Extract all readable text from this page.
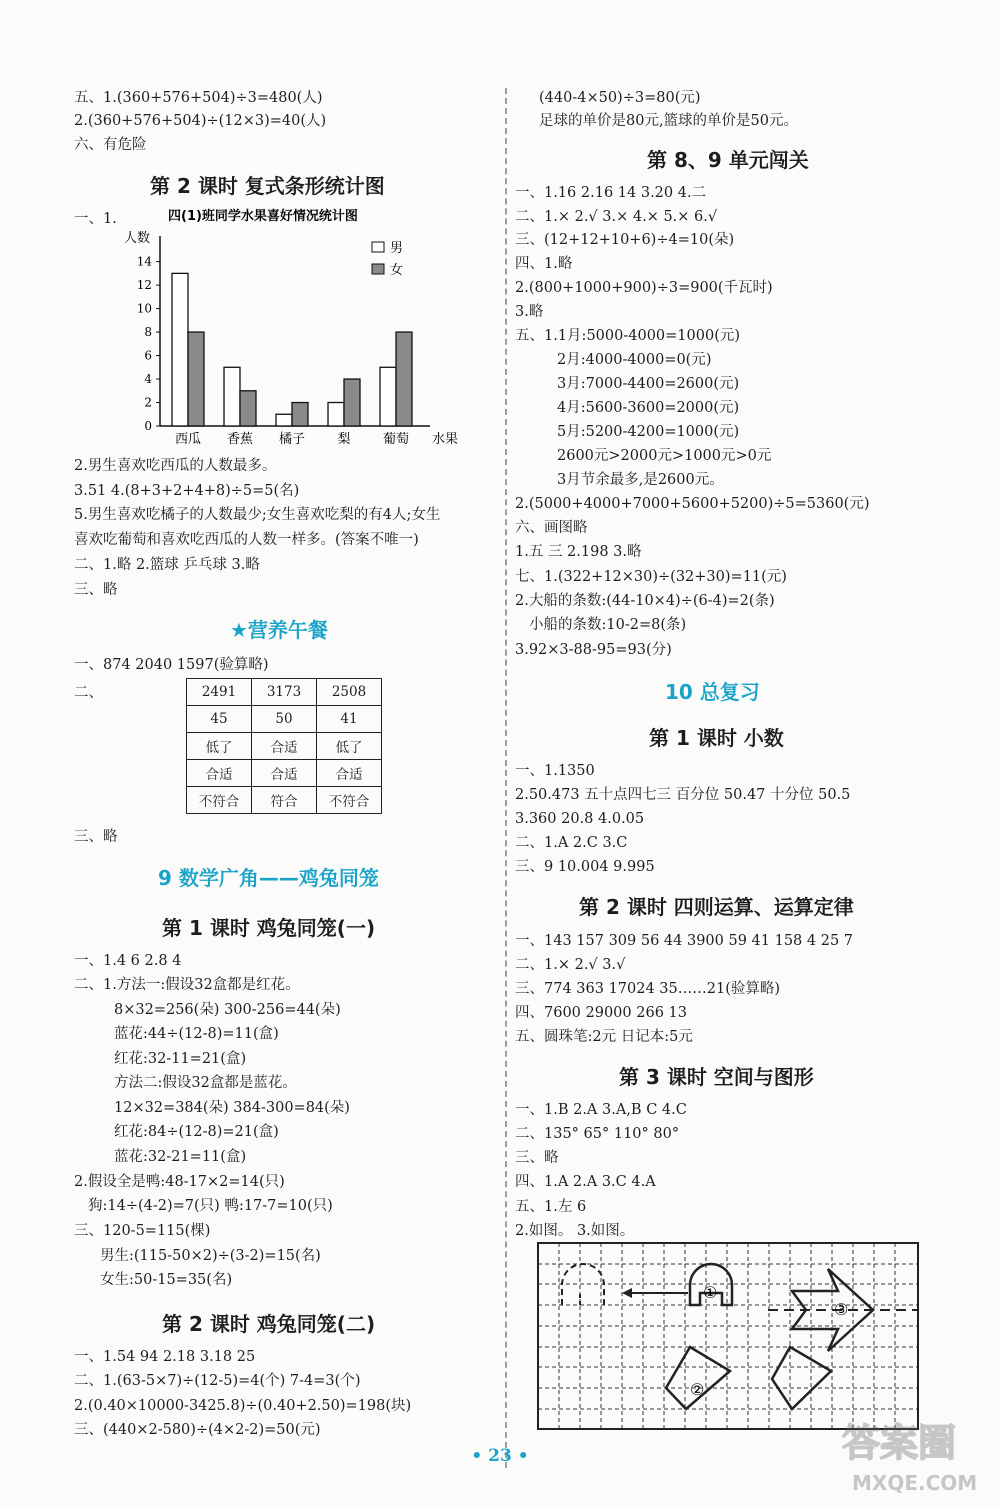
五、1.(360+576+504)÷3=480(人)
2.(360+576+504)÷(12×3)=40(人)
六、有危险
一、1.
2.男生喜欢吃西瓜的人数最多。
3.51 4.(8+3+2+4+8)÷5=5(名)
5.男生喜欢吃橘子的人数最少;女生喜欢吃梨的有4人;女生
喜欢吃葡萄和喜欢吃西瓜的人数一样多。(答案不唯一)
二、1.略 2.篮球 乒乓球 3.略
三、略
一、874 2040 1597(验算略)
二、
三、略
一、1.4 6 2.8 4
二、1.方法一:假设32盒都是红花。
8×32=256(朵) 300-256=44(朵)
蓝花:44÷(12-8)=11(盒)
红花:32-11=21(盒)
方法二:假设32盒都是蓝花。
12×32=384(朵) 384-300=84(朵)
红花:84÷(12-8)=21(盒)
蓝花:32-21=11(盒)
2.假设全是鸭:48-17×2=14(只)
狗:14÷(4-2)=7(只) 鸭:17-7=10(只)
三、120-5=115(棵)
男生:(115-50×2)÷(3-2)=15(名)
女生:50-15=35(名)
一、1.54 94 2.18 3.18 25
二、1.(63-5×7)÷(12-5)=4(个) 7-4=3(个)
2.(0.40×10000-3425.8)÷(0.40+2.50)=198(块)
三、(440×2-580)÷(4×2-2)=50(元)
第 2 课时 复式条形统计图
9 数学广角——鸡兔同笼
第 1 课时 鸡兔同笼(一)
第 2 课时 鸡兔同笼(二)
(440-4×50)÷3=80(元)
足球的单价是80元,篮球的单价是50元。
一、1.16 2.16 14 3.20 4.二
二、1.× 2.√ 3.× 4.× 5.× 6.√
三、(12+12+10+6)÷4=10(朵)
四、1.略
2.(800+1000+900)÷3=900(千瓦时)
3.略
五、1.1月:5000-4000=1000(元)
2月:4000-4000=0(元)
3月:7000-4400=2600(元)
4月:5600-3600=2000(元)
5月:5200-4200=1000(元)
2600元>2000元>1000元>0元
3月节余最多,是2600元。
2.(5000+4000+7000+5600+5200)÷5=5360(元)
六、画图略
1.五 三 2.198 3.略
七、1.(322+12×30)÷(32+30)=11(元)
2.大船的条数:(44-10×4)÷(6-4)=2(条)
小船的条数:10-2=8(条)
3.92×3-88-95=93(分)
一、1.1350
2.50.473 五十点四七三 百分位 50.47 十分位 50.5
3.360 20.8 4.0.05
二、1.A 2.C 3.C
三、9 10.004 9.995
一、143 157 309 56 44 3900 59 41 158 4 25 7
二、1.× 2.√ 3.√
三、774 363 17024 35……21(验算略)
四、7600 29000 266 13
五、圆珠笔:2元 日记本:5元
一、1.B 2.A 3.A,B C 4.C
二、135° 65° 110° 80°
三、略
四、1.A 2.A 3.C 4.A
五、1.左 6
2.如图。 3.如图。
第 8、9 单元闯关
10 总复习
第 1 课时 小数
第 2 课时 四则运算、运算定律
第 3 课时 空间与图形
★营养午餐
2491	3173	2508
45	50	41
低了	合适	低了
合适	合适	合适
不符合	符合	不符合
四(1)班同学水果喜好情况统计图
人数
水果
0
2
4
6
8
10
12
14
西瓜 香蕉 橘子 梨 葡萄
男
女
①
③
②
• 23 •	答案圈
MXQE.COM
